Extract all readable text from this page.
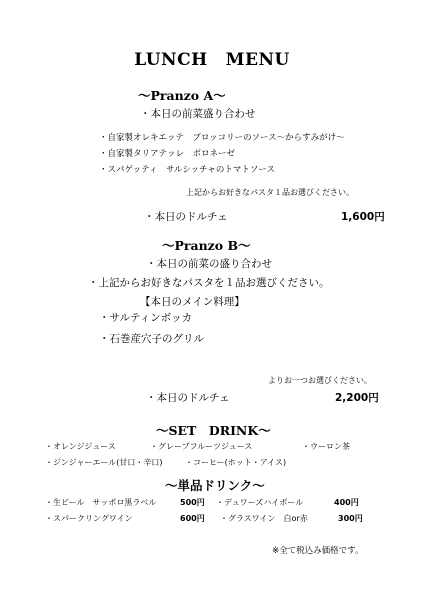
LUNCH MENU
～Pranzo A～
・本日の前菜盛り合わせ
・自家製オレキエッテ　ブロッコリーのソース～からすみがけ～
・自家製タリアテッレ　ボロネーゼ
・スパゲッティ　サルシッチャのトマトソース
上記からお好きなパスタ１品お選びください。
・本日のドルチェ	1,600円
～Pranzo B～
・本日の前菜の盛り合わせ
・上記からお好きなパスタを１品お選びください。
【本日のメイン料理】
・サルティンボッカ
・石巻産穴子のグリル
よりお一つお選びください。
・本日のドルチェ	2,200円
～SET　DRINK～
・オレンジジュース	・グレープフルーツジュース	・ウーロン茶
・ジンジャーエール(甘口・辛口)	・コーヒー(ホット・アイス)
～単品ドリンク～
・生ビール　サッポロ黒ラベル	500円 ・デュワーズハイボール	400円
・スパークリングワイン	600円 ・グラスワイン　白or赤	300円
※全て税込み価格です。
